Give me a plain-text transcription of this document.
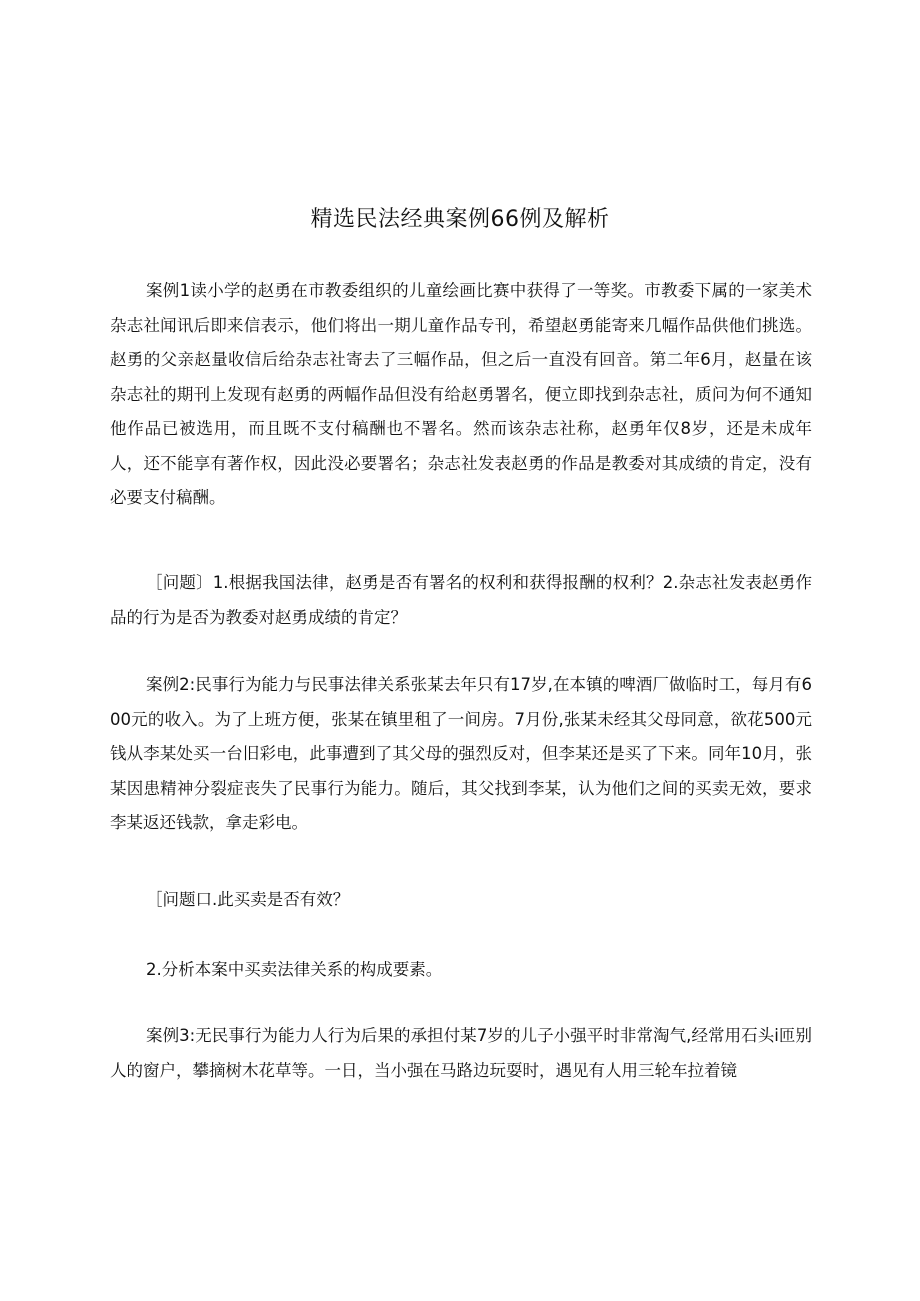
精选民法经典案例66例及解析

案例1读小学的赵勇在市教委组织的儿童绘画比赛中获得了一等奖。市教委下属的一家美术杂志社闻讯后即来信表示，他们将出一期儿童作品专刊，希望赵勇能寄来几幅作品供他们挑选。赵勇的父亲赵量收信后给杂志社寄去了三幅作品，但之后一直没有回音。第二年6月，赵量在该杂志社的期刊上发现有赵勇的两幅作品但没有给赵勇署名，便立即找到杂志社，质问为何不通知他作品已被选用，而且既不支付稿酬也不署名。然而该杂志社称，赵勇年仅8岁，还是未成年人，还不能享有著作权，因此没必要署名；杂志社发表赵勇的作品是教委对其成绩的肯定，没有必要支付稿酬。

［问题〕1.根据我国法律，赵勇是否有署名的权利和获得报酬的权利？2.杂志社发表赵勇作品的行为是否为教委对赵勇成绩的肯定？

案例2:民事行为能力与民事法律关系张某去年只有17岁,在本镇的啤酒厂做临时工，每月有600元的收入。为了上班方便，张某在镇里租了一间房。7月份,张某未经其父母同意，欲花500元钱从李某处买一台旧彩电，此事遭到了其父母的强烈反对，但李某还是买了下来。同年10月，张某因患精神分裂症丧失了民事行为能力。随后，其父找到李某，认为他们之间的买卖无效，要求李某返还钱款，拿走彩电。

［问题口.此买卖是否有效？

2.分析本案中买卖法律关系的构成要素。

案例3:无民事行为能力人行为后果的承担付某7岁的儿子小强平时非常淘气,经常用石头i匝别人的窗户，攀摘树木花草等。一日，当小强在马路边玩耍时，遇见有人用三轮车拉着镜
